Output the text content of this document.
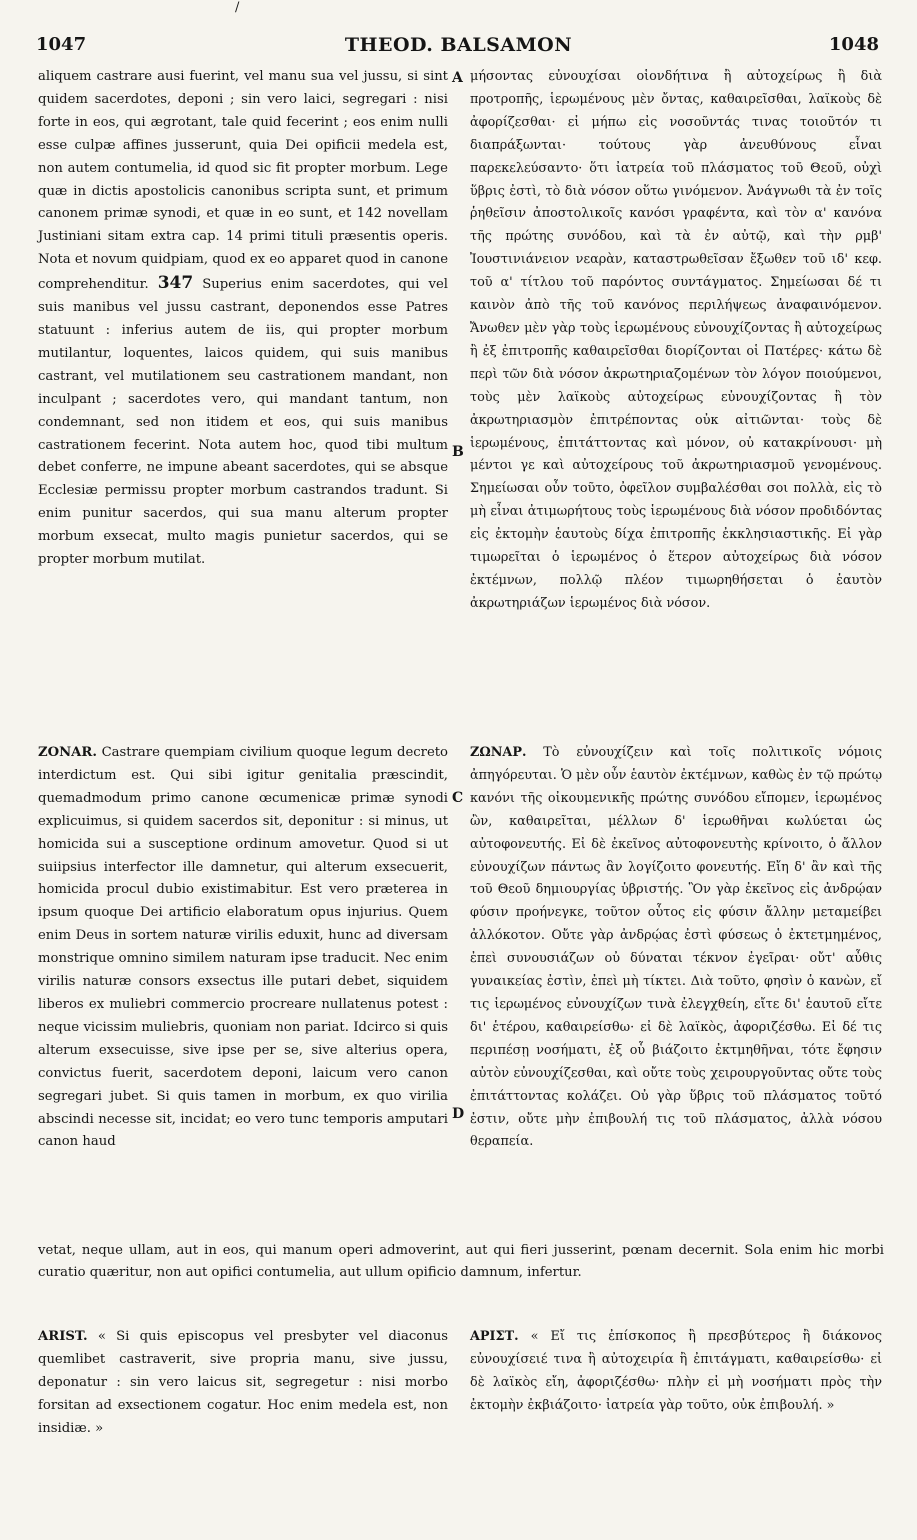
/
1047	THEOD. BALSAMON	1048
A
B
C
D

aliquem castrare ausi fuerint, vel manu sua vel jussu, si sint quidem sacerdotes, deponi ; sin vero laici, segregari : nisi forte in eos, qui ægrotant, tale quid fecerint ; eos enim nulli esse culpæ affines jusserunt, quia Dei opificii medela est, non autem contumelia, id quod sic fit propter morbum. Lege quæ in dictis apostolicis canonibus scripta sunt, et primum canonem primæ synodi, et quæ in eo sunt, et 142 novellam Justiniani sitam extra cap. 14 primi tituli præsentis operis. Nota et novum quidpiam, quod ex eo apparet quod in canone comprehenditur. 347 Superius enim sacerdotes, qui vel suis manibus vel jussu castrant, deponendos esse Patres statuunt : inferius autem de iis, qui propter morbum mutilantur, loquentes, laicos quidem, qui suis manibus castrant, vel mutilationem seu castrationem mandant, non inculpant ; sacerdotes vero, qui mandant tantum, non condemnant, sed non itidem et eos, qui suis manibus castrationem fecerint. Nota autem hoc, quod tibi multum debet conferre, ne impune abeant sacerdotes, qui se absque Ecclesiæ permissu propter morbum castrandos tradunt. Si enim punitur sacerdos, qui sua manu alterum propter morbum exsecat, multo magis punietur sacerdos, qui se propter morbum mutilat.

μήσοντας εὐνουχίσαι οἱονδήτινα ἢ αὐτοχείρως ἢ διὰ προτροπῆς, ἱερωμένους μὲν ὄντας, καθαιρεῖσθαι, λαϊκοὺς δὲ ἀφορίζεσθαι· εἰ μήπω εἰς νοσοῦντάς τινας τοιοῦτόν τι διαπράξωνται· τούτους γὰρ ἀνευθύνους εἶναι παρεκελεύσαντο· ὅτι ἰατρεία τοῦ πλάσματος τοῦ Θεοῦ, οὐχὶ ὕβρις ἐστὶ, τὸ διὰ νόσον οὕτω γινόμενον. Ἀνάγνωθι τὰ ἐν τοῖς ῥηθεῖσιν ἀποστολικοῖς κανόσι γραφέντα, καὶ τὸν α' κανόνα τῆς πρώτης συνόδου, καὶ τὰ ἐν αὐτῷ, καὶ τὴν ρμβ' Ἰουστινιάνειον νεαρὰν, καταστρωθεῖσαν ἔξωθεν τοῦ ιδ' κεφ. τοῦ α' τίτλου τοῦ παρόντος συντάγματος. Σημείωσαι δέ τι καινὸν ἀπὸ τῆς τοῦ κανόνος περιλήψεως ἀναφαινόμενον. Ἄνωθεν μὲν γὰρ τοὺς ἱερωμένους εὐνουχίζοντας ἢ αὐτοχείρως ἢ ἐξ ἐπιτροπῆς καθαιρεῖσθαι διορίζονται οἱ Πατέρες· κάτω δὲ περὶ τῶν διὰ νόσον ἀκρωτηριαζομένων τὸν λόγον ποιούμενοι, τοὺς μὲν λαϊκοὺς αὐτοχείρως εὐνουχίζοντας ἢ τὸν ἀκρωτηριασμὸν ἐπιτρέποντας οὐκ αἰτιῶνται· τοὺς δὲ ἱερωμένους, ἐπιτάττοντας καὶ μόνον, οὐ κατακρίνουσι· μὴ μέντοι γε καὶ αὐτοχείρους τοῦ ἀκρωτηριασμοῦ γενομένους. Σημείωσαι οὖν τοῦτο, ὀφεῖλον συμβαλέσθαι σοι πολλὰ, εἰς τὸ μὴ εἶναι ἀτιμωρήτους τοὺς ἱερωμένους διὰ νόσον προδιδόντας εἰς ἐκτομὴν ἑαυτοὺς δίχα ἐπιτροπῆς ἐκκλησιαστικῆς. Εἰ γὰρ τιμωρεῖται ὁ ἱερωμένος ὁ ἕτερον αὐτοχείρως διὰ νόσον ἐκτέμνων, πολλῷ πλέον τιμωρηθήσεται ὁ ἑαυτὸν ἀκρωτηριάζων ἱερωμένος διὰ νόσον.

ZONAR. Castrare quempiam civilium quoque legum decreto interdictum est. Qui sibi igitur genitalia præscindit, quemadmodum primo canone œcumenicæ primæ synodi explicuimus, si quidem sacerdos sit, deponitur : si minus, ut homicida sui a susceptione ordinum amovetur. Quod si ut suiipsius interfector ille damnetur, qui alterum exsecuerit, homicida procul dubio existimabitur. Est vero præterea in ipsum quoque Dei artificio elaboratum opus injurius. Quem enim Deus in sortem naturæ virilis eduxit, hunc ad diversam monstrique omnino similem naturam ipse traducit. Nec enim virilis naturæ consors exsectus ille putari debet, siquidem liberos ex muliebri commercio procreare nullatenus potest : neque vicissim muliebris, quoniam non pariat. Idcirco si quis alterum exsecuisse, sive ipse per se, sive alterius opera, convictus fuerit, sacerdotem deponi, laicum vero canon segregari jubet. Si quis tamen in morbum, ex quo virilia abscindi necesse sit, incidat; eo vero tunc temporis amputari canon haud

ΖΩΝΑΡ. Τὸ εὐνουχίζειν καὶ τοῖς πολιτικοῖς νόμοις ἀπηγόρευται. Ὁ μὲν οὖν ἑαυτὸν ἐκτέμνων, καθὼς ἐν τῷ πρώτῳ κανόνι τῆς οἰκουμενικῆς πρώτης συνόδου εἴπομεν, ἱερωμένος ὢν, καθαιρεῖται, μέλλων δ' ἱερωθῆναι κωλύεται ὡς αὐτοφονευτής. Εἰ δὲ ἐκεῖνος αὐτοφονευτὴς κρίνοιτο, ὁ ἄλλον εὐνουχίζων πάντως ἂν λογίζοιτο φονευτής. Εἴη δ' ἂν καὶ τῆς τοῦ Θεοῦ δημιουργίας ὑβριστής. Ὃν γὰρ ἐκεῖνος εἰς ἀνδρῴαν φύσιν προήνεγκε, τοῦτον οὗτος εἰς φύσιν ἄλλην μεταμείβει ἀλλόκοτον. Οὔτε γὰρ ἀνδρῴας ἐστὶ φύσεως ὁ ἐκτετμημένος, ἐπεὶ συνουσιάζων οὐ δύναται τέκνον ἐγεῖραι· οὔτ' αὖθις γυναικείας ἐστὶν, ἐπεὶ μὴ τίκτει. Διὰ τοῦτο, φησὶν ὁ κανὼν, εἴ τις ἱερωμένος εὐνουχίζων τινὰ ἐλεγχθείη, εἴτε δι' ἑαυτοῦ εἴτε δι' ἑτέρου, καθαιρείσθω· εἰ δὲ λαϊκὸς, ἀφοριζέσθω. Εἰ δέ τις περιπέσῃ νοσήματι, ἐξ οὗ βιάζοιτο ἐκτμηθῆναι, τότε ἔφησιν αὐτὸν εὐνουχίζεσθαι, καὶ οὔτε τοὺς χειρουργοῦντας οὔτε τοὺς ἐπιτάττοντας κολάζει. Οὐ γὰρ ὕβρις τοῦ πλάσματος τοῦτό ἐστιν, οὔτε μὴν ἐπιβουλή τις τοῦ πλάσματος, ἀλλὰ νόσου θεραπεία.

vetat, neque ullam, aut in eos, qui manum operi admoverint, aut qui fieri jusserint, pœnam decernit. Sola enim hic morbi curatio quæritur, non aut opifici contumelia, aut ullum opificio damnum, infertur.

ARIST. « Si quis episcopus vel presbyter vel diaconus quemlibet castraverit, sive propria manu, sive jussu, deponatur : sin vero laicus sit, segregetur : nisi morbo forsitan ad exsectionem cogatur. Hoc enim medela est, non insidiæ. »

ΑΡΙΣΤ. « Εἴ τις ἐπίσκοπος ἢ πρεσβύτερος ἢ διάκονος εὐνουχίσειέ τινα ἢ αὐτοχειρία ἢ ἐπιτάγματι, καθαιρείσθω· εἰ δὲ λαϊκὸς εἴη, ἀφοριζέσθω· πλὴν εἰ μὴ νοσήματι πρὸς τὴν ἐκτομὴν ἐκβιάζοιτο· ἰατρεία γὰρ τοῦτο, οὐκ ἐπιβουλή. »
